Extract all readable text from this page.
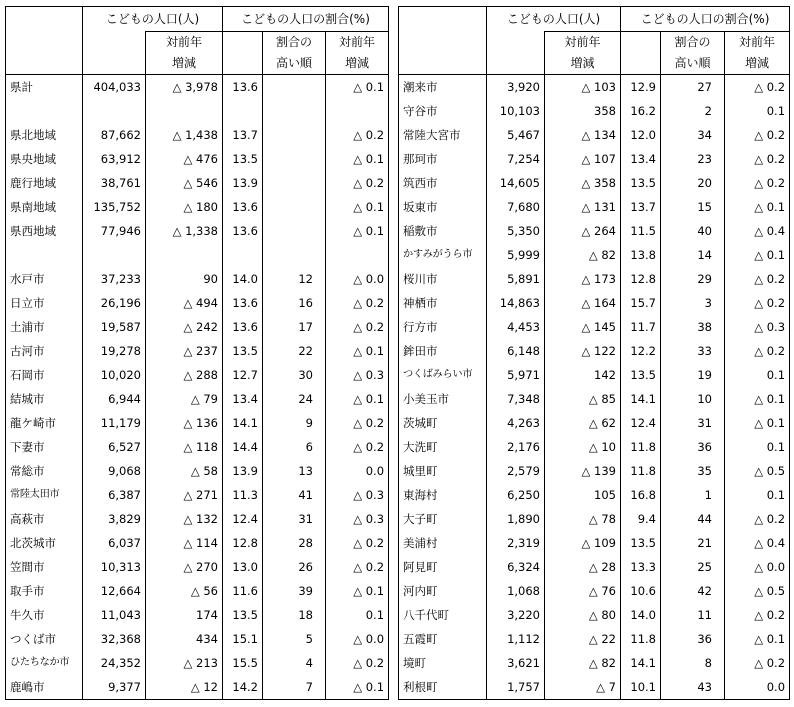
	こどもの人口(人)		こどもの人口の割合(%)		
		対前年		割合の	対前年
		増減		高い順	増減
県計	404,033	△ 3,978	13.6		△ 0.1

県北地域	87,662	△ 1,438	13.7		△ 0.2
県央地域	63,912	△ 476	13.5		△ 0.1
鹿行地域	38,761	△ 546	13.9		△ 0.2
県南地域	135,752	△ 180	13.6		△ 0.1
県西地域	77,946	△ 1,338	13.6		△ 0.1

水戸市	37,233	90	14.0	12	△ 0.0
日立市	26,196	△ 494	13.6	16	△ 0.2
土浦市	19,587	△ 242	13.6	17	△ 0.2
古河市	19,278	△ 237	13.5	22	△ 0.1
石岡市	10,020	△ 288	12.7	30	△ 0.3
結城市	6,944	△ 79	13.4	24	△ 0.1
龍ケ崎市	11,179	△ 136	14.1	9	△ 0.2
下妻市	6,527	△ 118	14.4	6	△ 0.2
常総市	9,068	△ 58	13.9	13	0.0
常陸太田市	6,387	△ 271	11.3	41	△ 0.3
高萩市	3,829	△ 132	12.4	31	△ 0.3
北茨城市	6,037	△ 114	12.8	28	△ 0.2
笠間市	10,313	△ 270	13.0	26	△ 0.2
取手市	12,664	△ 56	11.6	39	△ 0.1
牛久市	11,043	174	13.5	18	0.1
つくば市	32,368	434	15.1	5	△ 0.0
ひたちなか市	24,352	△ 213	15.5	4	△ 0.2
鹿嶋市	9,377	△ 12	14.2	7	△ 0.1
	こどもの人口(人)		こどもの人口の割合(%)		
		対前年		割合の	対前年
		増減		高い順	増減
潮来市	3,920	△ 103	12.9	27	△ 0.2
守谷市	10,103	358	16.2	2	0.1
常陸大宮市	5,467	△ 134	12.0	34	△ 0.2
那珂市	7,254	△ 107	13.4	23	△ 0.2
筑西市	14,605	△ 358	13.5	20	△ 0.2
坂東市	7,680	△ 131	13.7	15	△ 0.1
稲敷市	5,350	△ 264	11.5	40	△ 0.4
かすみがうら市	5,999	△ 82	13.8	14	△ 0.1
桜川市	5,891	△ 173	12.8	29	△ 0.2
神栖市	14,863	△ 164	15.7	3	△ 0.2
行方市	4,453	△ 145	11.7	38	△ 0.3
鉾田市	6,148	△ 122	12.2	33	△ 0.2
つくばみらい市	5,971	142	13.5	19	0.1
小美玉市	7,348	△ 85	14.1	10	△ 0.1
茨城町	4,263	△ 62	12.4	31	△ 0.1
大洗町	2,176	△ 10	11.8	36	0.1
城里町	2,579	△ 139	11.8	35	△ 0.5
東海村	6,250	105	16.8	1	0.1
大子町	1,890	△ 78	9.4	44	△ 0.2
美浦村	2,319	△ 109	13.5	21	△ 0.4
阿見町	6,324	△ 28	13.3	25	△ 0.0
河内町	1,068	△ 76	10.6	42	△ 0.5
八千代町	3,220	△ 80	14.0	11	△ 0.2
五霞町	1,112	△ 22	11.8	36	△ 0.1
境町	3,621	△ 82	14.1	8	△ 0.2
利根町	1,757	△ 7	10.1	43	0.0
